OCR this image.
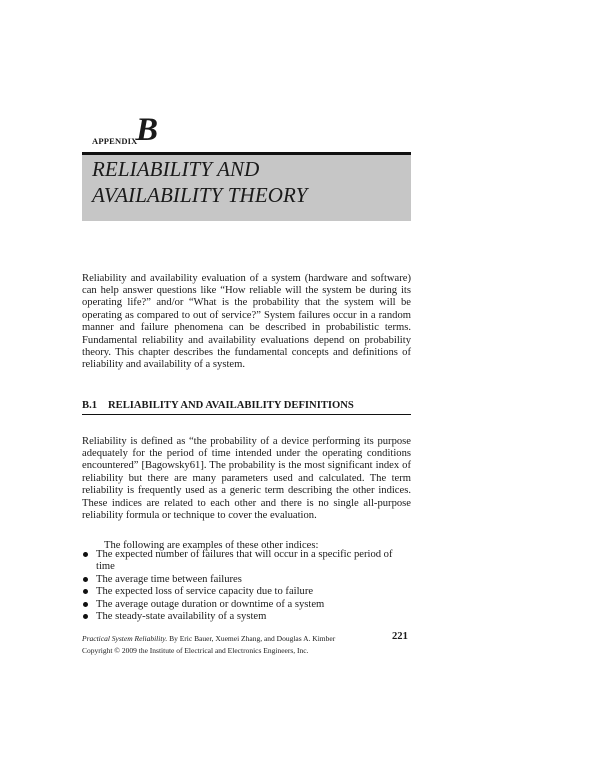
APPENDIX
B
RELIABILITY AND
AVAILABILITY THEORY

Reliability and availability evaluation of a system (hardware and software) can help answer questions like “How reliable will the system be during its operating life?” and/or “What is the probability that the system will be operating as compared to out of service?” System failures occur in a random manner and failure phenomena can be described in probabilistic terms. Fundamental reliability and availability evaluations depend on probability theory. This chapter describes the fundamental concepts and definitions of reliability and availability of a system.

B.1 RELIABILITY AND AVAILABILITY DEFINITIONS

Reliability is defined as “the probability of a device performing its purpose adequately for the period of time intended under the operating conditions encountered” [Bagowsky61]. The probability is the most significant index of reliability but there are many parameters used and calculated. The term reliability is frequently used as a generic term describing the other indices. These indices are related to each other and there is no single all-purpose reliability formula or technique to cover the evaluation.

The following are examples of these other indices:

The expected number of failures that will occur in a specific period of time
The average time between failures
The expected loss of service capacity due to failure
The average outage duration or downtime of a system
The steady-state availability of a system
Practical System Reliability. By Eric Bauer, Xuemei Zhang, and Douglas A. Kimber
Copyright © 2009 the Institute of Electrical and Electronics Engineers, Inc.
221
